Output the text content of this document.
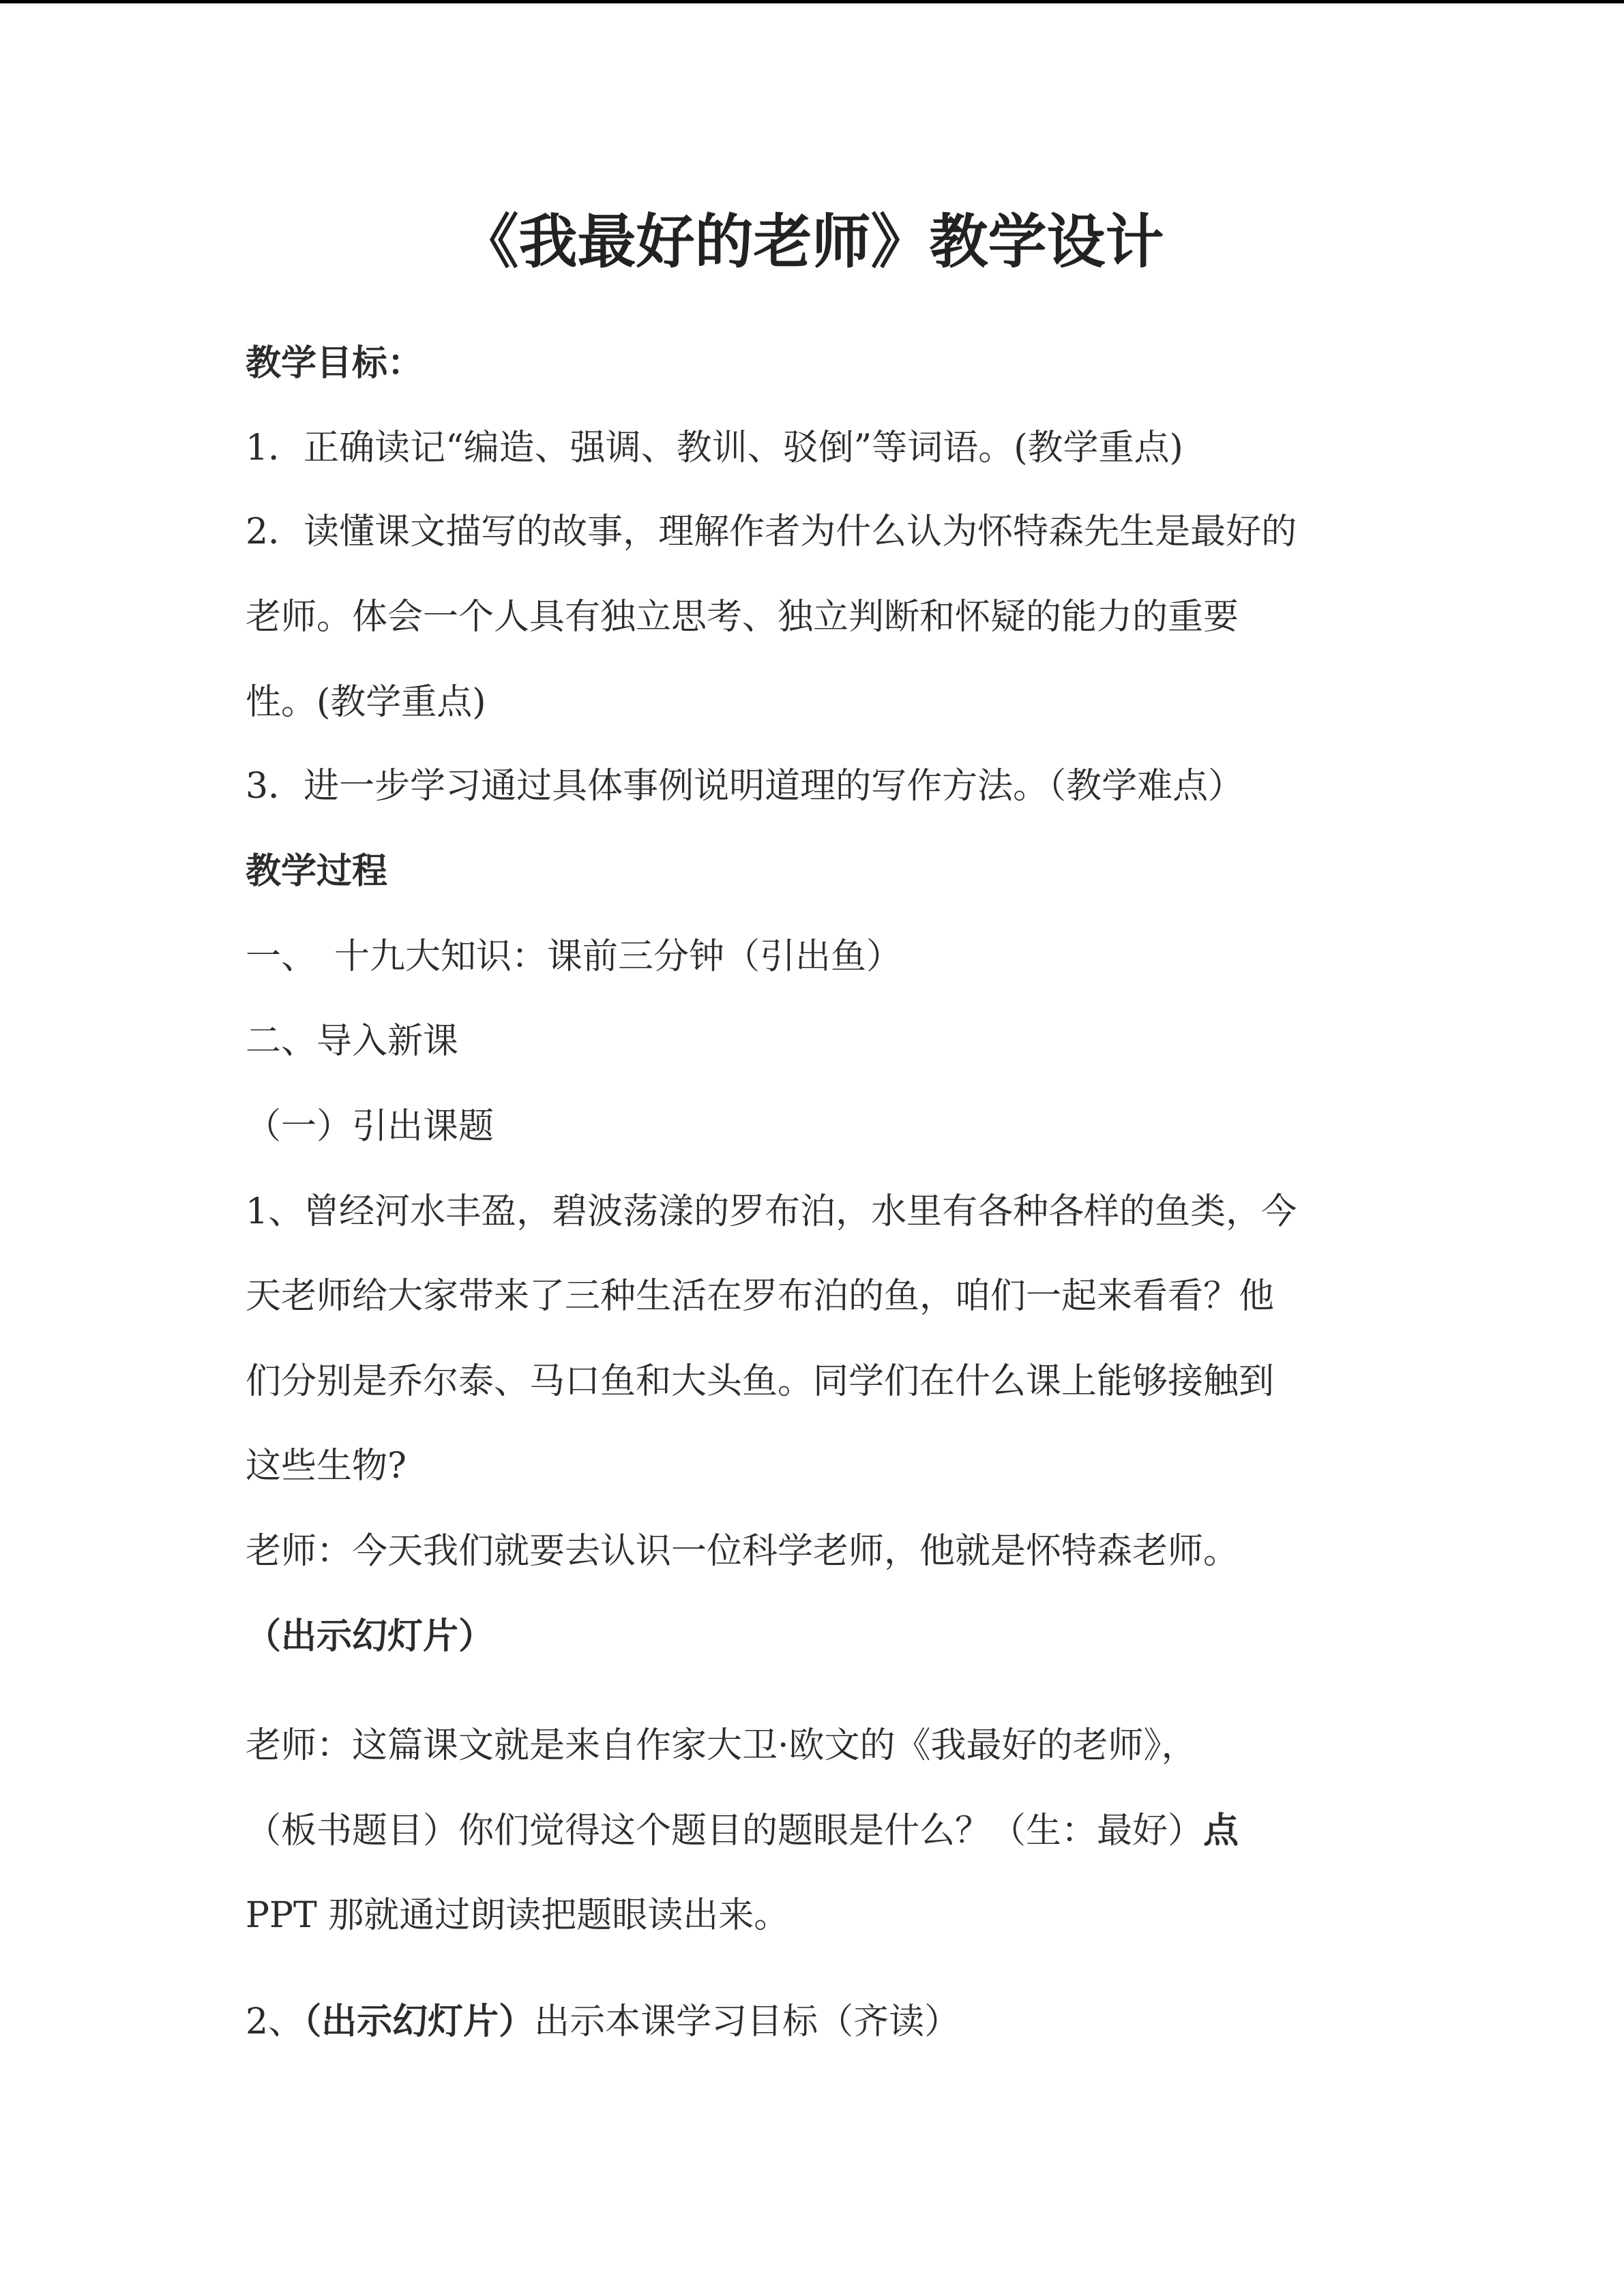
《我最好的老师》教学设计
教学目标：
1．正确读记“编造、强调、教训、驳倒”等词语。(教学重点)
2．读懂课文描写的故事，理解作者为什么认为怀特森先生是最好的
老师。体会一个人具有独立思考、独立判断和怀疑的能力的重要
性。(教学重点)
3．进一步学习通过具体事例说明道理的写作方法。（教学难点）
教学过程
一、 十九大知识：课前三分钟（引出鱼）
二、导入新课
（一）引出课题
1、曾经河水丰盈，碧波荡漾的罗布泊，水里有各种各样的鱼类，今
天老师给大家带来了三种生活在罗布泊的鱼，咱们一起来看看？他
们分别是乔尔泰、马口鱼和大头鱼。同学们在什么课上能够接触到
这些生物?
老师：今天我们就要去认识一位科学老师，他就是怀特森老师。
（出示幻灯片）
老师：这篇课文就是来自作家大卫·欧文的《我最好的老师》，
（板书题目）你们觉得这个题目的题眼是什么？（生：最好）点
PPT 那就通过朗读把题眼读出来。
2、（出示幻灯片）出示本课学习目标（齐读）
